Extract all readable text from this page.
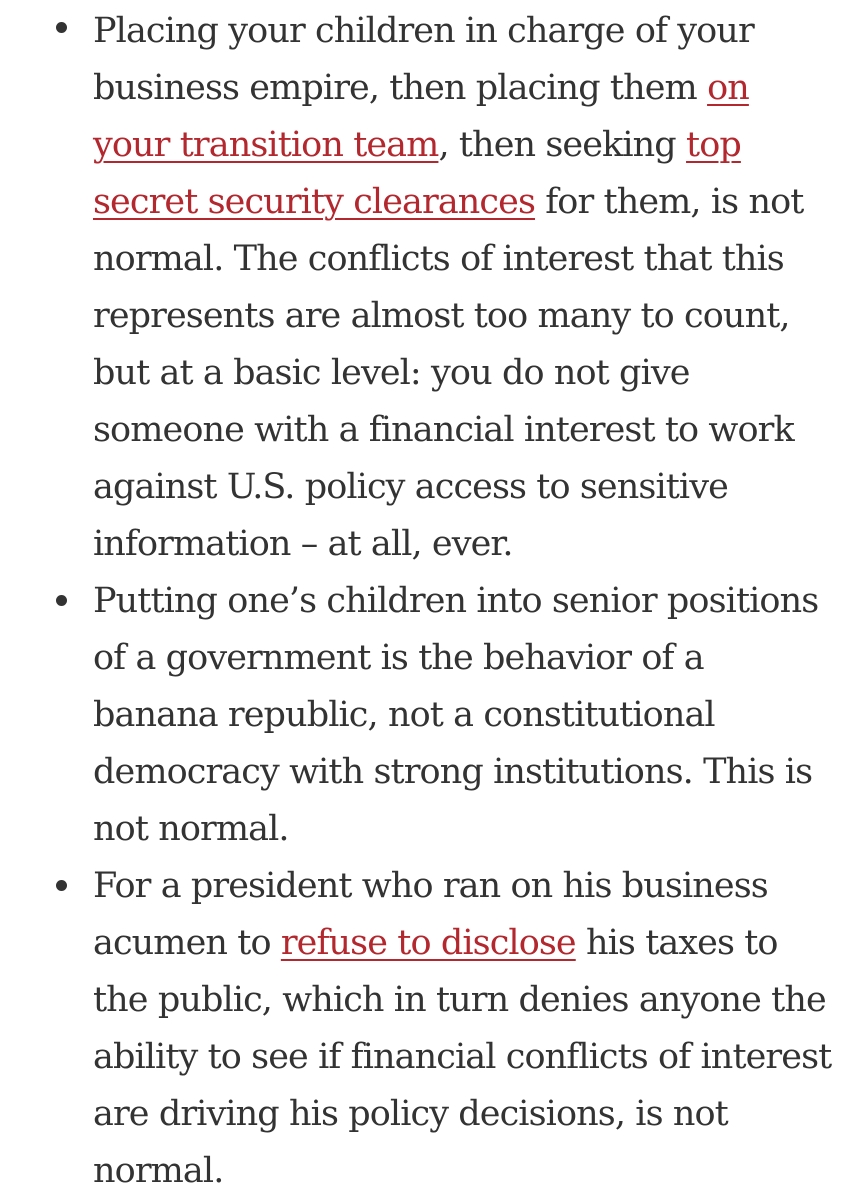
Placing your children in charge of your business empire, then placing them on your transition team, then seeking top secret security clearances for them, is not normal. The conflicts of interest that this represents are almost too many to count, but at a basic level: you do not give someone with a financial interest to work against U.S. policy access to sensitive information – at all, ever.
Putting one’s children into senior positions of a government is the behavior of a banana republic, not a constitutional democracy with strong institutions. This is not normal.
For a president who ran on his business acumen to refuse to disclose his taxes to the public, which in turn denies anyone the ability to see if financial conflicts of interest are driving his policy decisions, is not normal.
